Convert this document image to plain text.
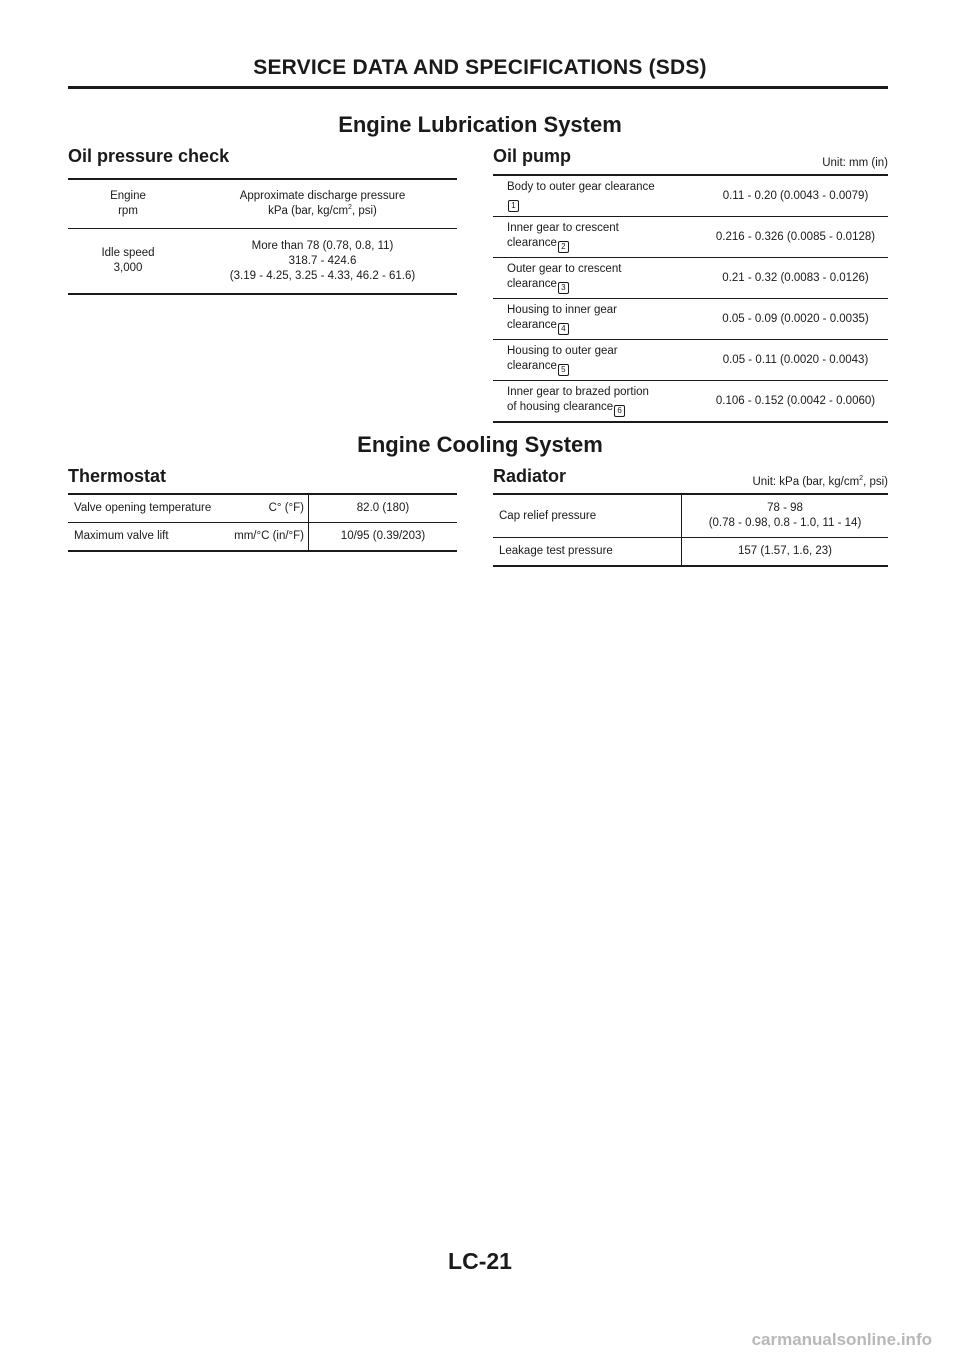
SERVICE DATA AND SPECIFICATIONS (SDS)
Engine Lubrication System
Oil pressure check
Engine
rpm	Approximate discharge pressure
kPa (bar, $kg/cm^2$, psi)
Idle speed
3,000	More than 78 (0.78, 0.8, 11)
318.7 - 424.6
(3.19 - 4.25, 3.25 - 4.33, 46.2 - 61.6)
Oil pump	Unit: mm (in)
Body to outer gear clearance
1	0.11 - 0.20 (0.0043 - 0.0079)
Inner gear to crescent
clearance 2	0.216 - 0.326 (0.0085 - 0.0128)
Outer gear to crescent
clearance 3	0.21 - 0.32 (0.0083 - 0.0126)
Housing to inner gear
clearance 4	0.05 - 0.09 (0.0020 - 0.0035)
Housing to outer gear
clearance 5	0.05 - 0.11 (0.0020 - 0.0043)
Inner gear to brazed portion
of housing clearance 6	0.106 - 0.152 (0.0042 - 0.0060)
Engine Cooling System
Thermostat
Valve opening temperature	C° (°F)	82.0 (180)
Maximum valve lift	mm/°C (in/°F)	10/95 (0.39/203)
Radiator	Unit: kPa (bar, $kg/cm^2$, psi)
Cap relief pressure	78 - 98
(0.78 - 0.98, 0.8 - 1.0, 11 - 14)
Leakage test pressure	157 (1.57, 1.6, 23)
LC-21
carmanualsonline.info
